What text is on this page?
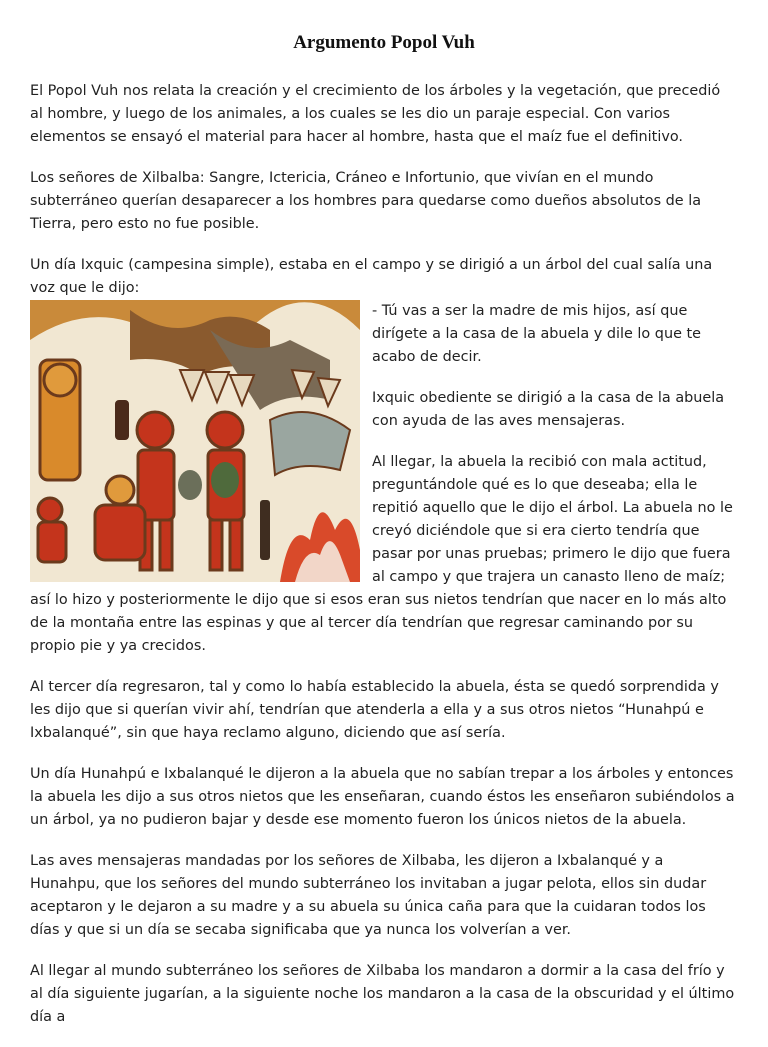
Argumento Popol Vuh

El Popol Vuh nos relata la creación y el crecimiento de los árboles y la vegetación, que precedió al hombre, y luego de los animales, a los cuales se les dio un paraje especial. Con varios elementos se ensayó el material para hacer al hombre, hasta que el maíz fue el definitivo.

Los señores de Xilbalba: Sangre, Ictericia, Cráneo e Infortunio, que vivían en el mundo subterráneo querían desaparecer a los hombres para quedarse como dueños absolutos de la Tierra, pero esto no fue posible.

Un día Ixquic (campesina simple), estaba en el campo y se dirigió a un árbol del cual salía una voz que le dijo:

- Tú vas a ser la madre de mis hijos, así que dirígete a la casa de la abuela y dile lo que te acabo de decir.

Ixquic obediente se dirigió a la casa de la abuela con ayuda de las aves mensajeras.

Al llegar, la abuela la recibió con mala actitud, preguntándole qué es lo que deseaba; ella le repitió aquello que le dijo el árbol. La abuela no le creyó diciéndole que si era cierto tendría que pasar por unas pruebas; primero le dijo que fuera al campo y que trajera un canasto lleno de maíz; así lo hizo y posteriormente le dijo que si esos eran sus nietos tendrían que nacer en lo más alto de la montaña entre las espinas y que al tercer día tendrían que regresar caminando por su propio pie y ya crecidos.

Al tercer día regresaron, tal y como lo había establecido la abuela, ésta se quedó sorprendida y les dijo que si querían vivir ahí, tendrían que atenderla a ella y a sus otros nietos “Hunahpú e Ixbalanqué”, sin que haya reclamo alguno, diciendo que así sería.

Un día Hunahpú e Ixbalanqué le dijeron a la abuela que no sabían trepar a los árboles y entonces la abuela les dijo a sus otros nietos que les enseñaran, cuando éstos les enseñaron subiéndolos a un árbol, ya no pudieron bajar y desde ese momento fueron los únicos nietos de la abuela.

Las aves mensajeras mandadas por los señores de Xilbaba, les dijeron a Ixbalanqué y a Hunahpu, que los señores del mundo subterráneo los invitaban a jugar pelota, ellos sin dudar aceptaron y le dejaron a su madre y a su abuela su única caña para que la cuidaran todos los días y que si un día se secaba significaba que ya nunca los volverían a ver.

Al llegar al mundo subterráneo los señores de Xilbaba los mandaron a dormir a la casa del frío y al día siguiente jugarían, a la siguiente noche los mandaron a la casa de la obscuridad y el último día a
